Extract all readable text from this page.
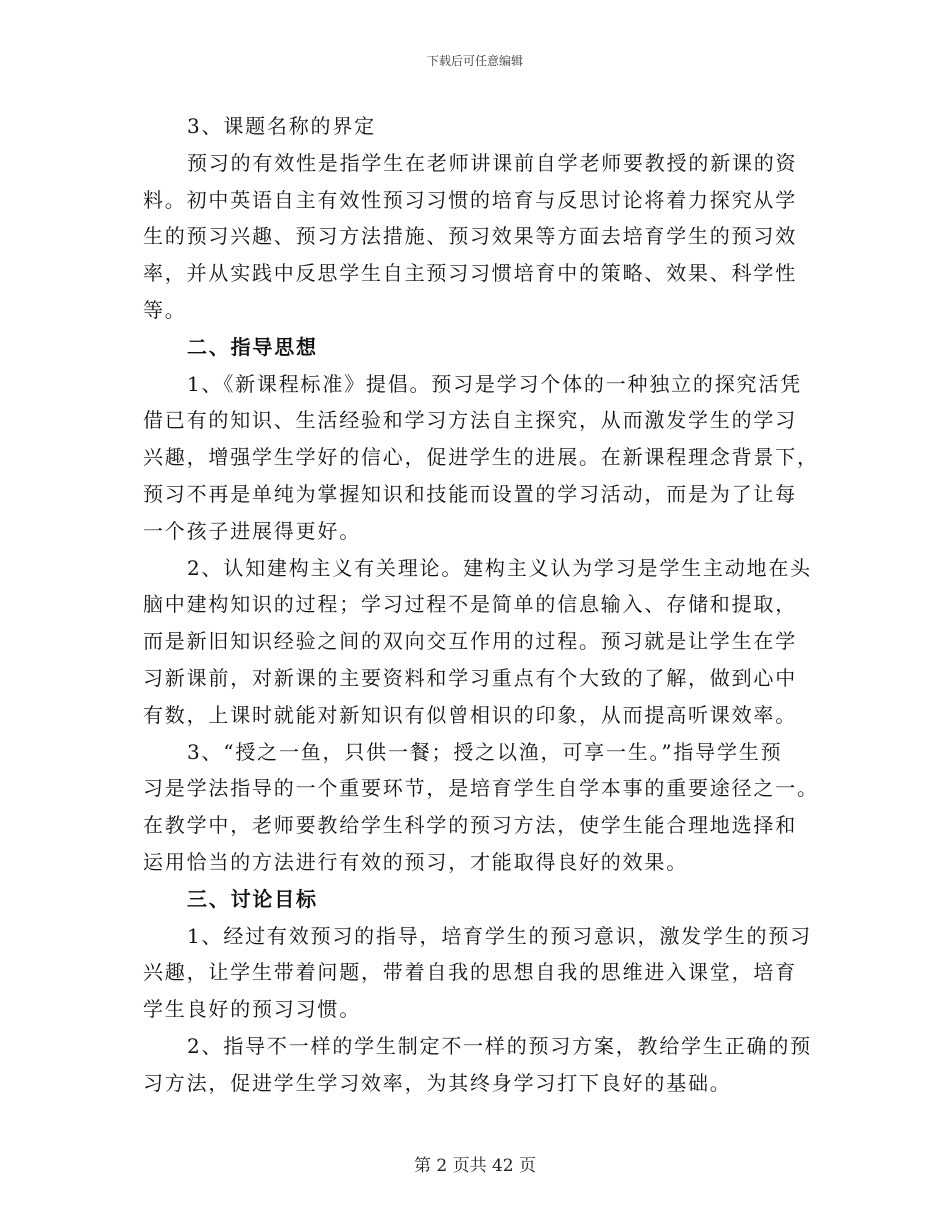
下载后可任意编辑
3、课题名称的界定
预习的有效性是指学生在老师讲课前自学老师要教授的新课的资
料。初中英语自主有效性预习习惯的培育与反思讨论将着力探究从学
生的预习兴趣、预习方法措施、预习效果等方面去培育学生的预习效
率，并从实践中反思学生自主预习习惯培育中的策略、效果、科学性
等。
二、指导思想
1、《新课程标准》提倡。预习是学习个体的一种独立的探究活凭
借已有的知识、生活经验和学习方法自主探究，从而激发学生的学习
兴趣，增强学生学好的信心，促进学生的进展。在新课程理念背景下，
预习不再是单纯为掌握知识和技能而设置的学习活动，而是为了让每
一个孩子进展得更好。
2、认知建构主义有关理论。建构主义认为学习是学生主动地在头
脑中建构知识的过程；学习过程不是简单的信息输入、存储和提取，
而是新旧知识经验之间的双向交互作用的过程。预习就是让学生在学
习新课前，对新课的主要资料和学习重点有个大致的了解，做到心中
有数，上课时就能对新知识有似曾相识的印象，从而提高听课效率。
3、“授之一鱼，只供一餐；授之以渔，可享一生。”指导学生预
习是学法指导的一个重要环节，是培育学生自学本事的重要途径之一。
在教学中，老师要教给学生科学的预习方法，使学生能合理地选择和
运用恰当的方法进行有效的预习，才能取得良好的效果。
三、讨论目标
1、经过有效预习的指导，培育学生的预习意识，激发学生的预习
兴趣，让学生带着问题，带着自我的思想自我的思维进入课堂，培育
学生良好的预习习惯。
2、指导不一样的学生制定不一样的预习方案，教给学生正确的预
习方法，促进学生学习效率，为其终身学习打下良好的基础。
第 2 页共 42 页
